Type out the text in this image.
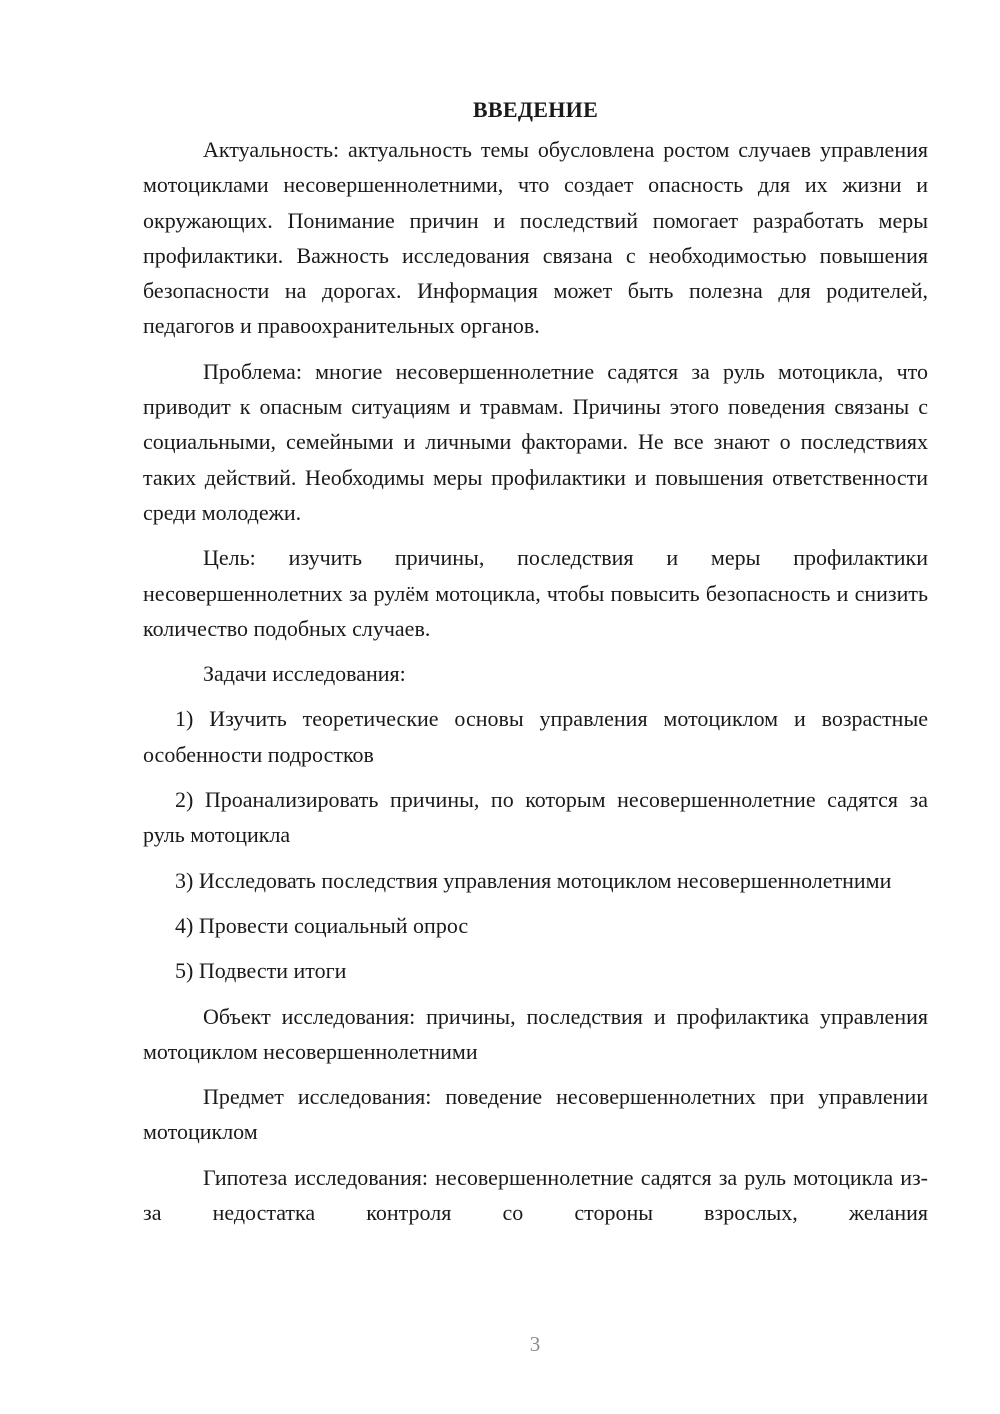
ВВЕДЕНИЕ

Актуальность: актуальность темы обусловлена ростом случаев управления мотоциклами несовершеннолетними, что создает опасность для их жизни и окружающих. Понимание причин и последствий помогает разработать меры профилактики. Важность исследования связана с необходимостью повышения безопасности на дорогах. Информация может быть полезна для родителей, педагогов и правоохранительных органов.

Проблема: многие несовершеннолетние садятся за руль мотоцикла, что приводит к опасным ситуациям и травмам. Причины этого поведения связаны с социальными, семейными и личными факторами. Не все знают о последствиях таких действий. Необходимы меры профилактики и повышения ответственности среди молодежи.

Цель: изучить причины, последствия и меры профилактики несовершеннолетних за рулём мотоцикла, чтобы повысить безопасность и снизить количество подобных случаев.

Задачи исследования:

1) Изучить теоретические основы управления мотоциклом и возрастные особенности подростков

2) Проанализировать причины, по которым несовершеннолетние садятся за руль мотоцикла

3) Исследовать последствия управления мотоциклом несовершеннолетними

4) Провести социальный опрос

5) Подвести итоги

Объект исследования: причины, последствия и профилактика управления мотоциклом несовершеннолетними

Предмет исследования: поведение несовершеннолетних при управлении мотоциклом

Гипотеза исследования: несовершеннолетние садятся за руль мотоцикла из-за недостатка контроля со стороны взрослых, желания

3
